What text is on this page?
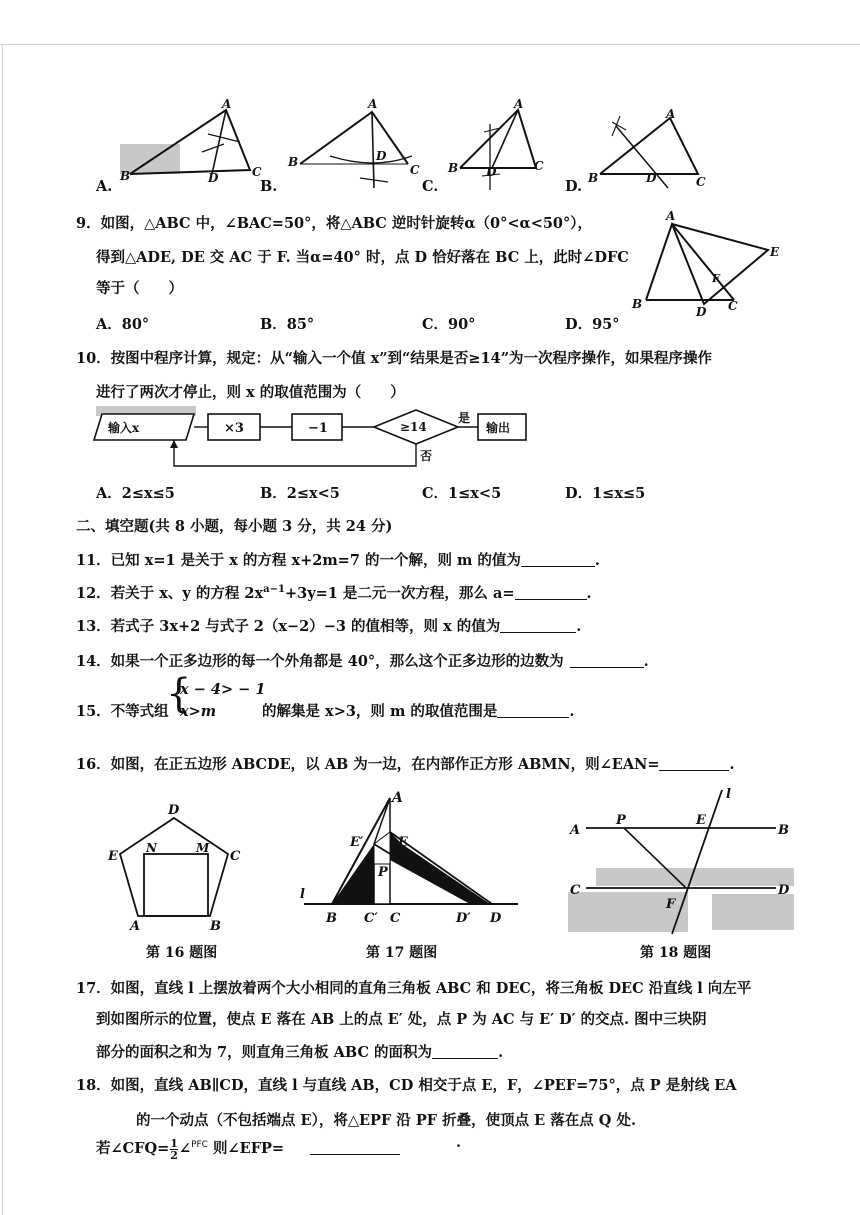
A
B	D	C
A
B	D
C
A
B D	C
A
B	D	C
A.	B.	C.	D.
9．如图，△ABC 中，∠BAC=50°，将△ABC 逆时针旋转α（0°<α<50°），
得到△ADE, DE 交 AC 于 F. 当α=40° 时，点 D 恰好落在 BC 上，此时∠DFC
等于（　　）
A．80°	B．85°	C．90°	D．95°
A
E
F
B
D C
10．按图中程序计算，规定：从“输入一个值 x”到“结果是否≥14”为一次程序操作，如果程序操作
进行了两次才停止，则 x 的取值范围为（　　）
输入x	×3	−1	≥14
是
否
输出
A．2≤x≤5	B．2≤x<5	C．1≤x<5	D．1≤x≤5
二、填空题(共 8 小题，每小题 3 分，共 24 分)
11．已知 x=1 是关于 x 的方程 x+2m=7 的一个解，则 m 的值为	.
12．若关于 x、y 的方程 $2x^{a-1}+3y=1$ 是二元一次方程，那么 a=	.
13．若式子 3x+2 与式子 2（x−2）−3 的值相等，则 x 的值为	.
14．如果一个正多边形的每一个外角都是 40°，那么这个正多边形的边数为	.
15．不等式组
{
x − 4> − 1
x>m	的解集是 x>3，则 m 的取值范围是	.
16．如图，在正五边形 ABCDE，以 AB 为一边，在内部作正方形 ABMN，则∠EAN=	.
D
E
N	M
C
A	B
第 16 题图
A
E′	E
P
l
B C′ C	D′ D
第 17 题图
l
A
P	E
B
C	D
F
第 18 题图
17．如图，直线 l 上摆放着两个大小相同的直角三角板 ABC 和 DEC，将三角板 DEC 沿直线 l 向左平
到如图所示的位置，使点 E 落在 AB 上的点 E′ 处，点 P 为 AC 与 E′ D′ 的交点. 图中三块阴
部分的面积之和为 7，则直角三角板 ABC 的面积为	.
18．如图，直线 AB∥CD，直线 l 与直线 AB，CD 相交于点 E，F，∠PEF=75°，点 P 是射线 EA
的一个动点（不包括端点 E），将△EPF 沿 PF 折叠，使顶点 E 落在点 Q 处.
若∠CFQ= $\frac{1}{2}$ ∠$^{PFC}$ 则∠EFP=	.
